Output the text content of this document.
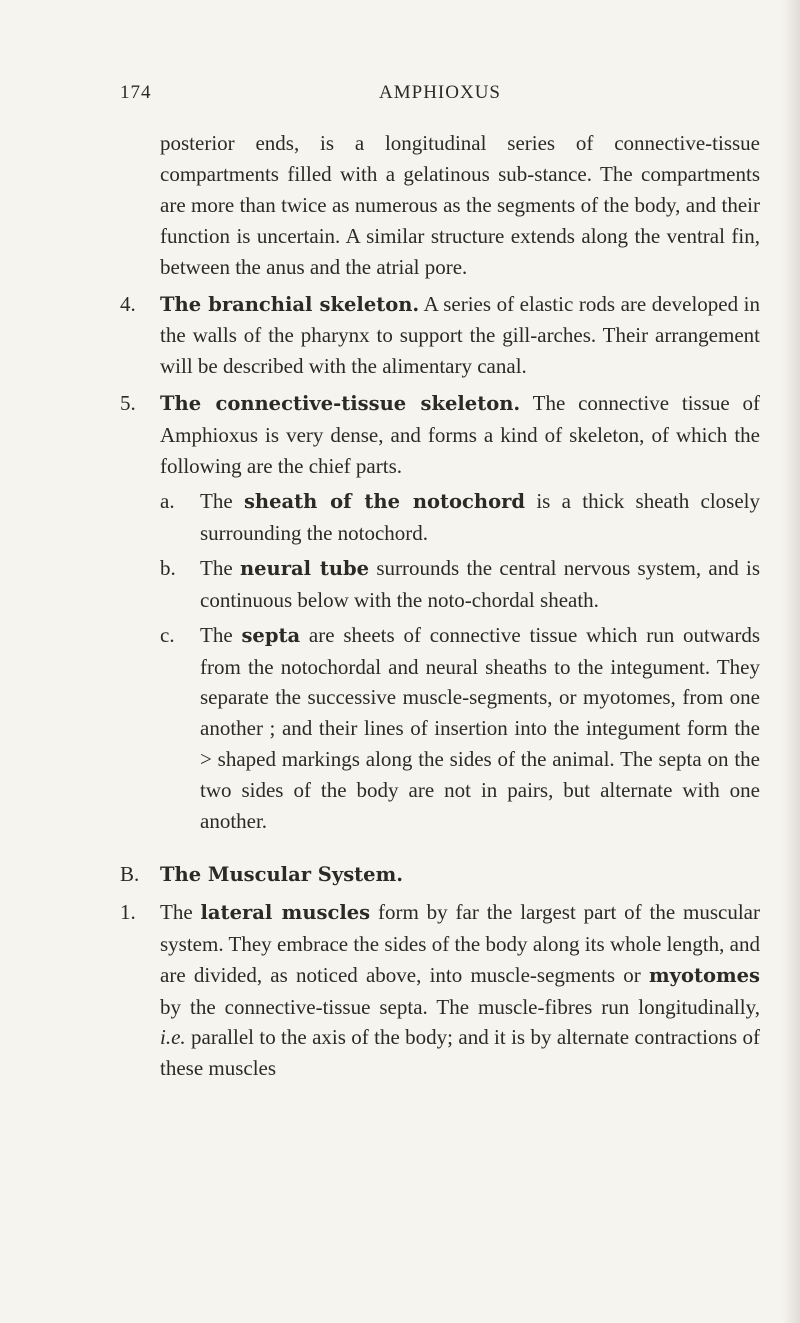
174	AMPHIOXUS

posterior ends, is a longitudinal series of connective-tissue compartments filled with a gelatinous sub-stance. The compartments are more than twice as numerous as the segments of the body, and their function is uncertain. A similar structure extends along the ventral fin, between the anus and the atrial pore.

4. The branchial skeleton. A series of elastic rods are developed in the walls of the pharynx to support the gill-arches. Their arrangement will be described with the alimentary canal.
5. The connective-tissue skeleton. The connective tissue of Amphioxus is very dense, and forms a kind of skeleton, of which the following are the chief parts.
a. The sheath of the notochord is a thick sheath closely surrounding the notochord.
b. The neural tube surrounds the central nervous system, and is continuous below with the noto-chordal sheath.
c. The septa are sheets of connective tissue which run outwards from the notochordal and neural sheaths to the integument. They separate the successive muscle-segments, or myotomes, from one another ; and their lines of insertion into the integument form the > shaped markings along the sides of the animal. The septa on the two sides of the body are not in pairs, but alternate with one another.
B.	The Muscular System.
1. The lateral muscles form by far the largest part of the muscular system. They embrace the sides of the body along its whole length, and are divided, as noticed above, into muscle-segments or myotomes by the connective-tissue septa. The muscle-fibres run longitudinally, i.e. parallel to the axis of the body; and it is by alternate contractions of these muscles
